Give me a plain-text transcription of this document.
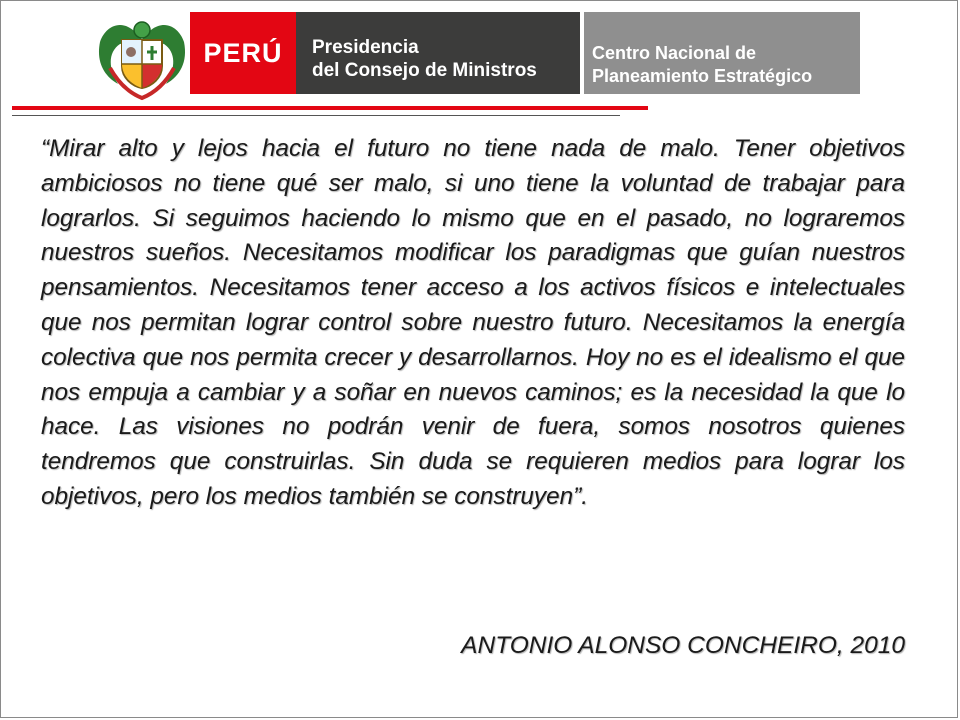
PERÚ Presidencia
del Consejo de Ministros
Centro Nacional de
Planeamiento Estratégico

“Mirar alto y lejos hacia el futuro no tiene nada de malo. Tener objetivos ambiciosos no tiene qué ser malo, si uno tiene la voluntad de trabajar para lograrlos. Si seguimos haciendo lo mismo que en el pasado, no lograremos nuestros sueños. Necesitamos modificar los paradigmas que guían nuestros pensamientos. Necesitamos tener acceso a los activos físicos e intelectuales que nos permitan lograr control sobre nuestro futuro. Necesitamos la energía colectiva que nos permita crecer y desarrollarnos. Hoy no es el idealismo el que nos empuja a cambiar y a soñar en nuevos caminos; es la necesidad la que lo hace. Las visiones no podrán venir de fuera, somos nosotros quienes tendremos que construirlas. Sin duda se requieren medios para lograr los objetivos, pero los medios también se construyen”.

ANTONIO ALONSO CONCHEIRO, 2010
